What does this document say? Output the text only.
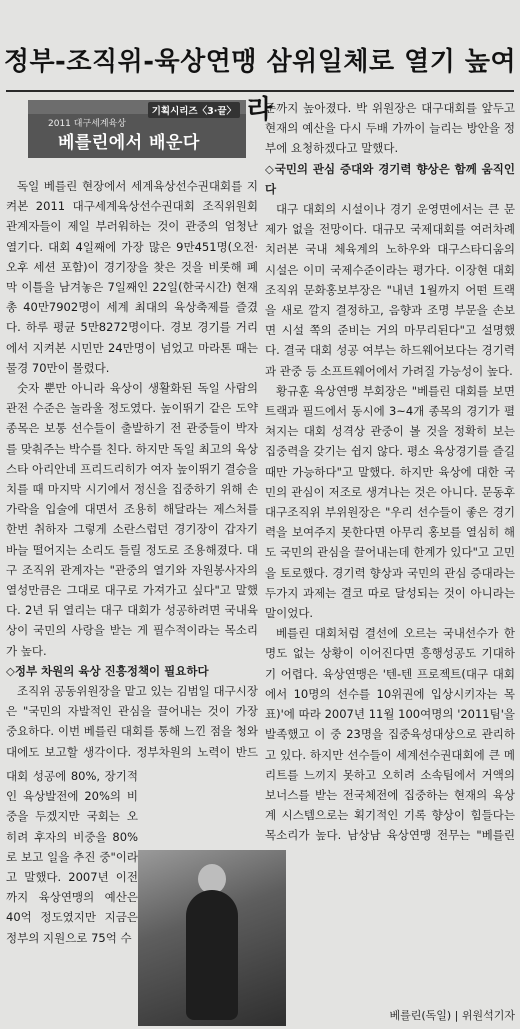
정부-조직위-육상연맹 삼위일체로 열기 높여라
기획시리즈〈3·끝〉
2011 대구세계육상
베를린에서 배운다

독일 베를린 현장에서 세계육상선수권대회를 지켜본 2011 대구세계육상선수권대회 조직위원회 관계자들이 제일 부러워하는 것이 관중의 엄청난 열기다. 대회 4일째에 가장 많은 9만451명(오전·오후 세션 포함)이 경기장을 찾은 것을 비롯해 폐막 이틀을 남겨놓은 7일째인 22일(한국시간) 현재 총 40만7902명이 세계 최대의 육상축제를 즐겼다. 하루 평균 5만8272명이다. 경보 경기를 거리에서 지켜본 시민만 24만명이 넘었고 마라톤 때는 물경 70만이 몰렸다.

숫자 뿐만 아니라 육상이 생활화된 독일 사람의 관전 수준은 놀라울 정도였다. 높이뛰기 같은 도약종목은 보통 선수들이 출발하기 전 관중들이 박자를 맞춰주는 박수를 친다. 하지만 독일 최고의 육상스타 아리안네 프리드리히가 여자 높이뛰기 결승을 치를 때 마지막 시기에서 정신을 집중하기 위해 손가락을 입술에 대면서 조용히 해달라는 제스처를 한번 취하자 그렇게 소란스럽던 경기장이 갑자기 바늘 떨어지는 소리도 들릴 정도로 조용해졌다. 대구 조직위 관계자는 "관중의 열기와 자원봉사자의 열성만큼은 그대로 대구로 가져가고 싶다"고 말했다. 2년 뒤 열리는 대구 대회가 성공하려면 국내육상이 국민의 사랑을 받는 게 필수적이라는 목소리가 높다.

◇정부 차원의 육상 진흥정책이 필요하다

조직위 공동위원장을 맡고 있는 김범일 대구시장은 "국민의 자발적인 관심을 끌어내는 것이 가장 중요하다. 이번 베를린 대회를 통해 느낀 점을 청와대에도 보고할 생각이다. 정부차원의 노력이 반드

대회 성공에 80%, 장기적인 육상발전에 20%의 비중을 두겠지만 국회는 오히려 후자의 비중을 80%로 보고 일을 추진 중"이라고 말했다. 2007년 이전까지 육상연맹의 예산은 40억 정도였지만 지금은 정부의 지원으로 75억 수

준까지 높아졌다. 박 위원장은 대구대회를 앞두고 현재의 예산을 다시 두배 가까이 늘리는 방안을 정부에 요청하겠다고 말했다.

◇국민의 관심 증대와 경기력 향상은 함께 움직인다

대구 대회의 시설이나 경기 운영면에서는 큰 문제가 없을 전망이다. 대규모 국제대회를 여러차례 치러본 국내 체육계의 노하우와 대구스타디움의 시설은 이미 국제수준이라는 평가다. 이장현 대회 조직위 문화홍보부장은 "내년 1월까지 어떤 트랙을 새로 깔지 결정하고, 음향과 조명 부문을 손보면 시설 쪽의 준비는 거의 마무리된다"고 설명했다. 결국 대회 성공 여부는 하드웨어보다는 경기력과 관중 등 소프트웨어에서 가려질 가능성이 높다.

황규훈 육상연맹 부회장은 "베를린 대회를 보면 트랙과 필드에서 동시에 3~4개 종목의 경기가 펼쳐지는 대회 성격상 관중이 볼 것을 정확히 보는 집중력을 갖기는 쉽지 않다. 평소 육상경기를 즐길 때만 가능하다"고 말했다. 하지만 육상에 대한 국민의 관심이 저조로 생겨나는 것은 아니다. 문동후 대구조직위 부위원장은 "우리 선수들이 좋은 경기력을 보여주지 못한다면 아무리 홍보를 열심히 해도 국민의 관심을 끌어내는데 한계가 있다"고 고민을 토로했다. 경기력 향상과 국민의 관심 증대라는 두가지 과제는 결코 따로 달성되는 것이 아니라는 말이었다.

베를린 대회처럼 결선에 오르는 국내선수가 한 명도 없는 상황이 이어진다면 흥행성공도 기대하기 어렵다. 육상연맹은 '텐-텐 프로젝트(대구 대회에서 10명의 선수를 10위권에 입상시키자는 목표)'에 따라 2007년 11월 100여명의 '2011팀'을 발족했고 이 중 23명을 집중육성대상으로 관리하고 있다. 하지만 선수들이 세계선수권대회에 큰 메리트를 느끼지 못하고 오히려 소속팀에서 거액의 보너스를 받는 전국체전에 집중하는 현재의 육상계 시스템으로는 획기적인 기록 향상이 힘들다는 목소리가 높다. 남상남 육상연맹 전무는 "베를린

베를린(독일) | 위원석기자
